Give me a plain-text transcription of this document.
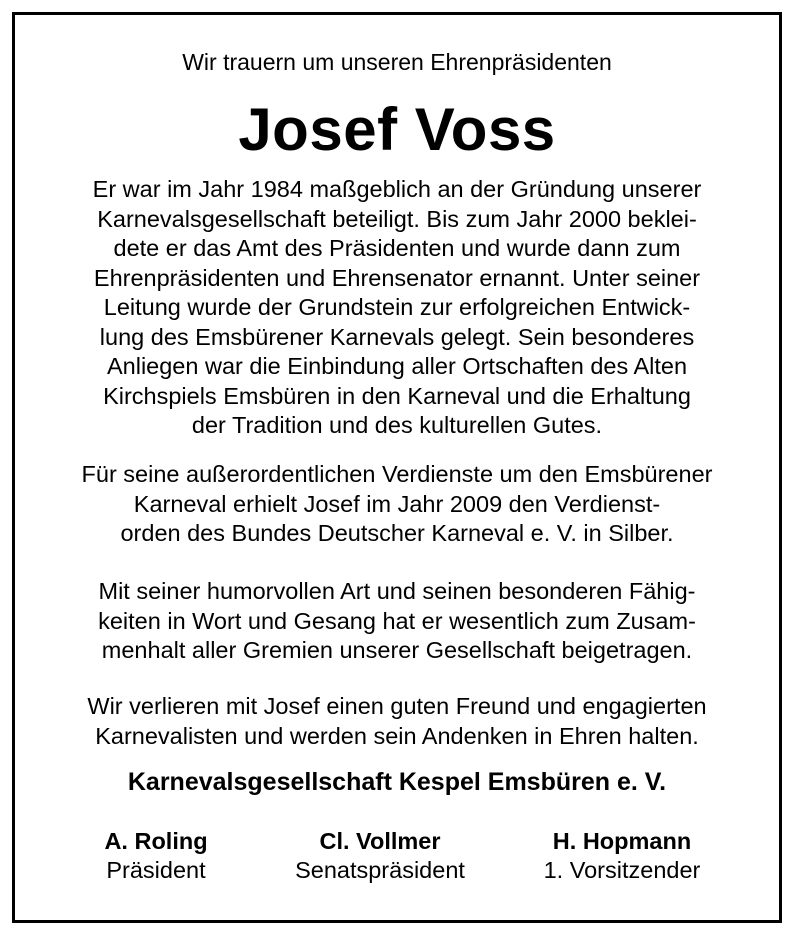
Wir trauern um unseren Ehrenpräsidenten
Josef Voss
Er war im Jahr 1984 maßgeblich an der Gründung unserer
Karnevalsgesellschaft beteiligt. Bis zum Jahr 2000 beklei-
dete er das Amt des Präsidenten und wurde dann zum
Ehrenpräsidenten und Ehrensenator ernannt. Unter seiner
Leitung wurde der Grundstein zur erfolgreichen Entwick-
lung des Emsbürener Karnevals gelegt. Sein besonderes
Anliegen war die Einbindung aller Ortschaften des Alten
Kirchspiels Emsbüren in den Karneval und die Erhaltung
der Tradition und des kulturellen Gutes.
Für seine außerordentlichen Verdienste um den Emsbürener
Karneval erhielt Josef im Jahr 2009 den Verdienst-
orden des Bundes Deutscher Karneval e. V. in Silber.
Mit seiner humorvollen Art und seinen besonderen Fähig-
keiten in Wort und Gesang hat er wesentlich zum Zusam-
menhalt aller Gremien unserer Gesellschaft beigetragen.
Wir verlieren mit Josef einen guten Freund und engagierten
Karnevalisten und werden sein Andenken in Ehren halten.
Karnevalsgesellschaft Kespel Emsbüren e. V.
A. Roling
Präsident
Cl. Vollmer
Senatspräsident
H. Hopmann
1. Vorsitzender
